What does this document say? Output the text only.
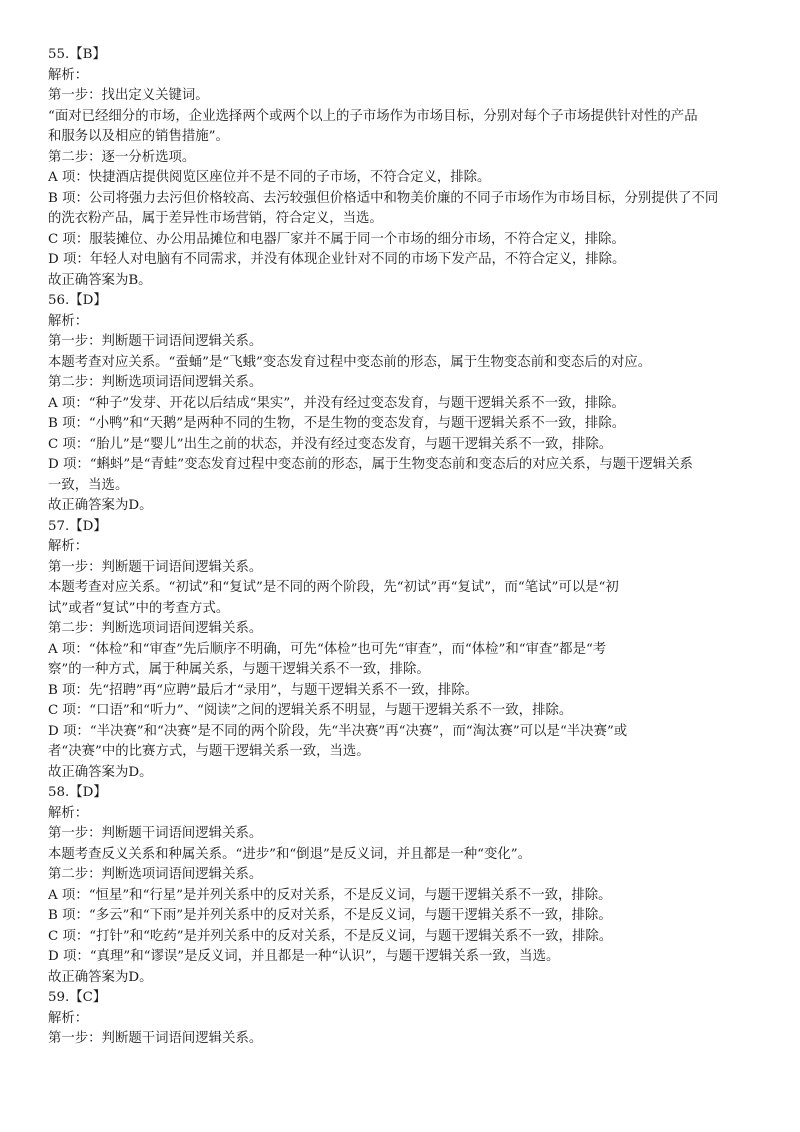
55.【B】
解析：
第一步：找出定义关键词。
“面对已经细分的市场，企业选择两个或两个以上的子市场作为市场目标，分别对每个子市场提供针对性的产品
和服务以及相应的销售措施”。
第二步：逐一分析选项。
A 项：快捷酒店提供阅览区座位并不是不同的子市场，不符合定义，排除。
B 项：公司将强力去污但价格较高、去污较强但价格适中和物美价廉的不同子市场作为市场目标，分别提供了不同
的洗衣粉产品，属于差异性市场营销，符合定义，当选。
C 项：服装摊位、办公用品摊位和电器厂家并不属于同一个市场的细分市场，不符合定义，排除。
D 项：年轻人对电脑有不同需求，并没有体现企业针对不同的市场下发产品，不符合定义，排除。
故正确答案为B。
56.【D】
解析：
第一步：判断题干词语间逻辑关系。
本题考查对应关系。“蚕蛹”是“飞蛾”变态发育过程中变态前的形态，属于生物变态前和变态后的对应。
第二步：判断选项词语间逻辑关系。
A 项：“种子”发芽、开花以后结成“果实”，并没有经过变态发育，与题干逻辑关系不一致，排除。
B 项：“小鸭”和“天鹅”是两种不同的生物，不是生物的变态发育，与题干逻辑关系不一致，排除。
C 项：“胎儿”是“婴儿”出生之前的状态，并没有经过变态发育，与题干逻辑关系不一致，排除。
D 项：“蝌蚪”是“青蛙”变态发育过程中变态前的形态，属于生物变态前和变态后的对应关系，与题干逻辑关系
一致，当选。
故正确答案为D。
57.【D】
解析：
第一步：判断题干词语间逻辑关系。
本题考查对应关系。“初试”和“复试”是不同的两个阶段，先“初试”再“复试”，而“笔试”可以是“初
试”或者“复试”中的考查方式。
第二步：判断选项词语间逻辑关系。
A 项：“体检”和“审查”先后顺序不明确，可先“体检”也可先“审查”，而“体检”和“审查”都是“考
察”的一种方式，属于种属关系，与题干逻辑关系不一致，排除。
B 项：先“招聘”再“应聘”最后才“录用”，与题干逻辑关系不一致，排除。
C 项：“口语”和“听力”、“阅读”之间的逻辑关系不明显，与题干逻辑关系不一致，排除。
D 项：“半决赛”和“决赛”是不同的两个阶段，先“半决赛”再“决赛”，而“淘汰赛”可以是“半决赛”或
者“决赛”中的比赛方式，与题干逻辑关系一致，当选。
故正确答案为D。
58.【D】
解析：
第一步：判断题干词语间逻辑关系。
本题考查反义关系和种属关系。“进步”和“倒退”是反义词，并且都是一种“变化”。
第二步：判断选项词语间逻辑关系。
A 项：“恒星”和“行星”是并列关系中的反对关系，不是反义词，与题干逻辑关系不一致，排除。
B 项：“多云”和“下雨”是并列关系中的反对关系，不是反义词，与题干逻辑关系不一致，排除。
C 项：“打针”和“吃药”是并列关系中的反对关系，不是反义词，与题干逻辑关系不一致，排除。
D 项：“真理”和“谬误”是反义词，并且都是一种“认识”，与题干逻辑关系一致，当选。
故正确答案为D。
59.【C】
解析：
第一步：判断题干词语间逻辑关系。
